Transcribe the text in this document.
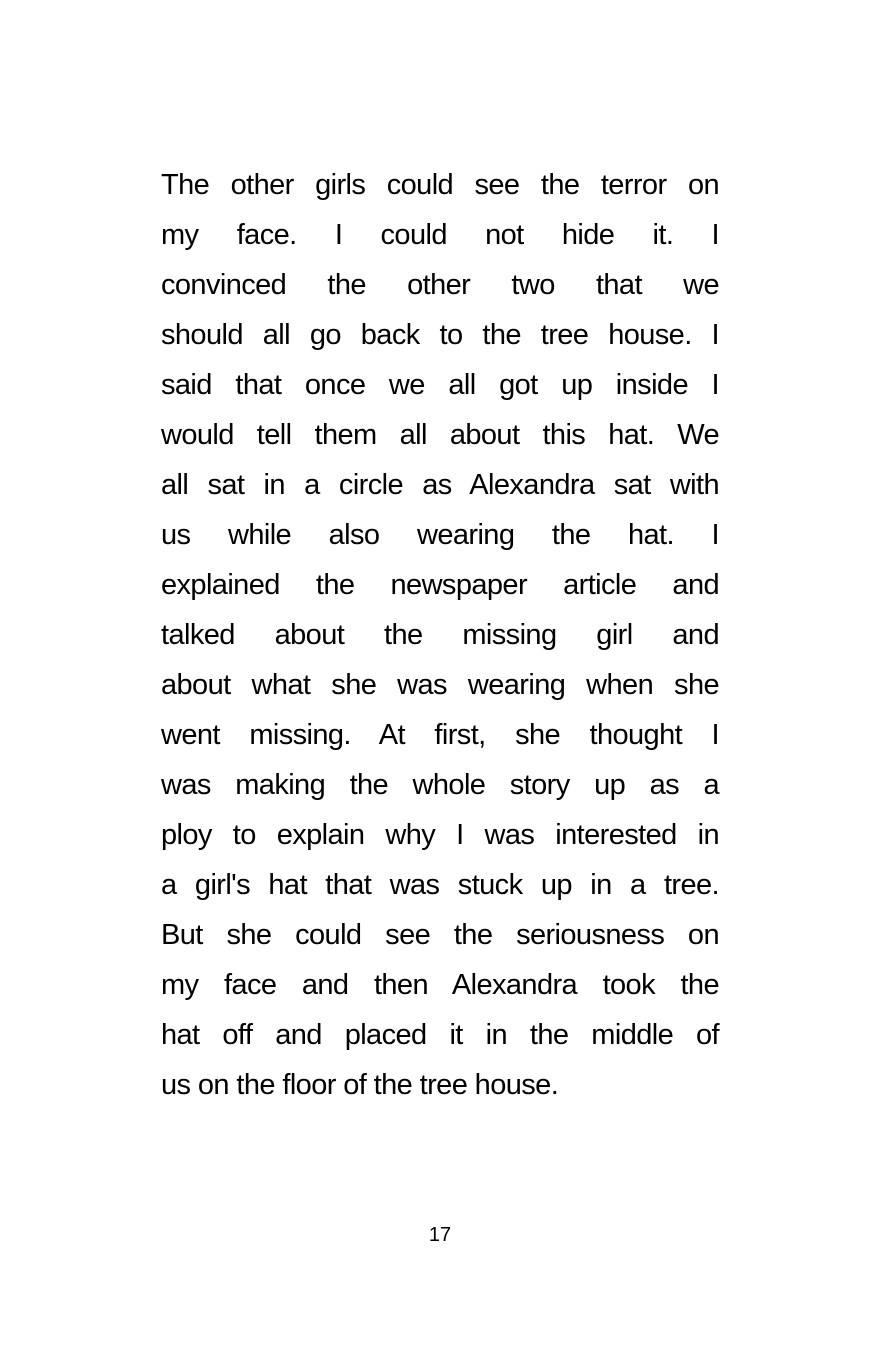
The other girls could see the terror on
my face. I could not hide it. I
convinced the other two that we
should all go back to the tree house. I
said that once we all got up inside I
would tell them all about this hat. We
all sat in a circle as Alexandra sat with
us while also wearing the hat. I
explained the newspaper article and
talked about the missing girl and
about what she was wearing when she
went missing. At first, she thought I
was making the whole story up as a
ploy to explain why I was interested in
a girl's hat that was stuck up in a tree.
But she could see the seriousness on
my face and then Alexandra took the
hat off and placed it in the middle of
us on the floor of the tree house.
17
